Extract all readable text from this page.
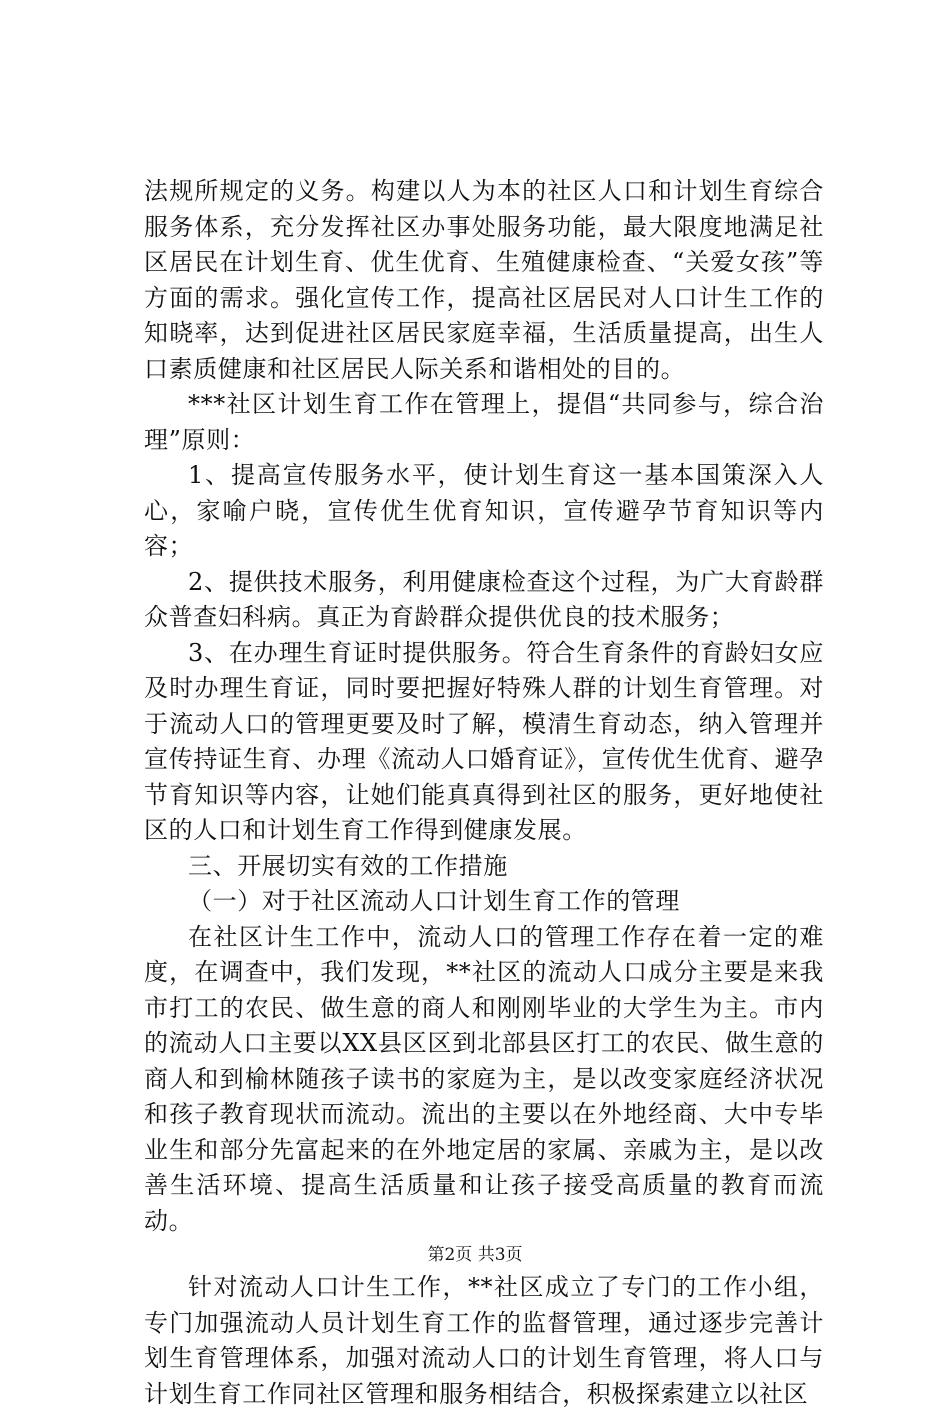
法规所规定的义务。构建以人为本的社区人口和计划生育综合服务体系，充分发挥社区办事处服务功能，最大限度地满足社区居民在计划生育、优生优育、生殖健康检查、“关爱女孩”等方面的需求。强化宣传工作，提高社区居民对人口计生工作的知晓率，达到促进社区居民家庭幸福，生活质量提高，出生人口素质健康和社区居民人际关系和谐相处的目的。

***社区计划生育工作在管理上，提倡“共同参与，综合治理”原则：

1、提高宣传服务水平，使计划生育这一基本国策深入人心，家喻户晓，宣传优生优育知识，宣传避孕节育知识等内容；

2、提供技术服务，利用健康检查这个过程，为广大育龄群众普查妇科病。真正为育龄群众提供优良的技术服务；

3、在办理生育证时提供服务。符合生育条件的育龄妇女应及时办理生育证，同时要把握好特殊人群的计划生育管理。对于流动人口的管理更要及时了解，模清生育动态，纳入管理并宣传持证生育、办理《流动人口婚育证》，宣传优生优育、避孕节育知识等内容，让她们能真真得到社区的服务，更好地使社区的人口和计划生育工作得到健康发展。

三、开展切实有效的工作措施

（一）对于社区流动人口计划生育工作的管理

在社区计生工作中，流动人口的管理工作存在着一定的难度，在调查中，我们发现，**社区的流动人口成分主要是来我市打工的农民、做生意的商人和刚刚毕业的大学生为主。市内的流动人口主要以XX县区区到北部县区打工的农民、做生意的商人和到榆林随孩子读书的家庭为主，是以改变家庭经济状况和孩子教育现状而流动。流出的主要以在外地经商、大中专毕业生和部分先富起来的在外地定居的家属、亲戚为主，是以改善生活环境、提高生活质量和让孩子接受高质量的教育而流动。

针对流动人口计生工作，**社区成立了专门的工作小组，专门加强流动人员计划生育工作的监督管理，通过逐步完善计划生育管理体系，加强对流动人口的计划生育管理，将人口与计划生育工作同社区管理和服务相结合，积极探索建立以社区

第2页 共3页
